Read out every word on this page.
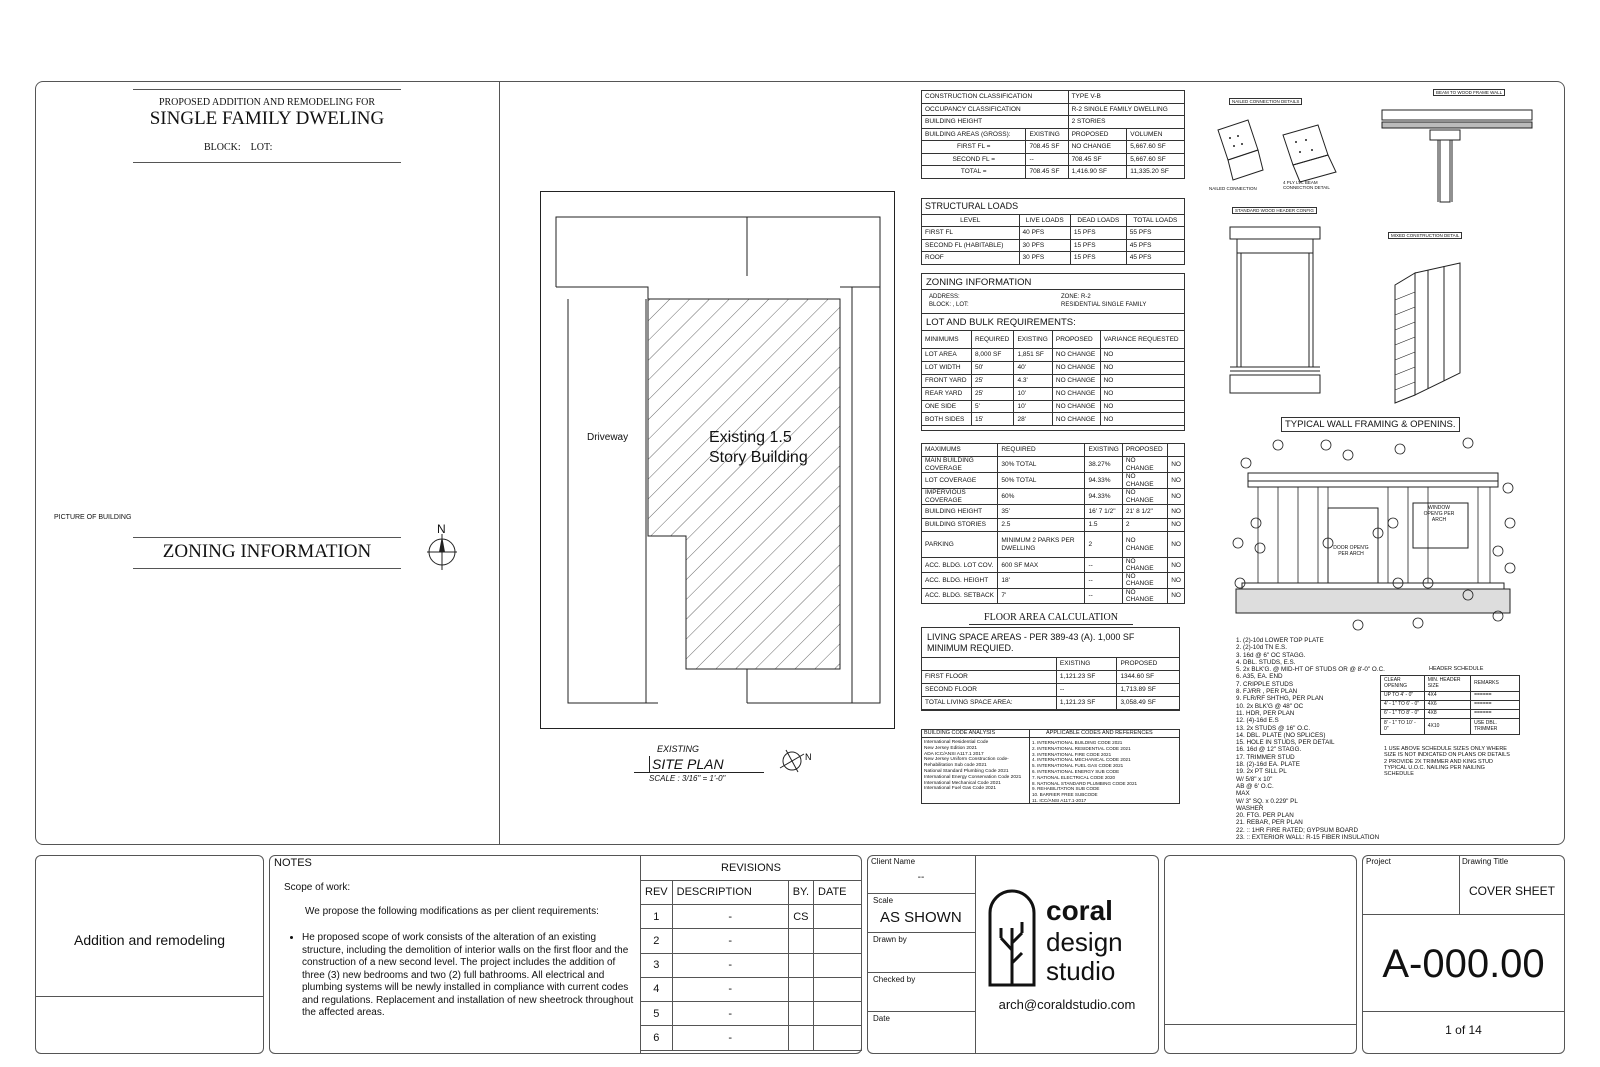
PROPOSED ADDITION AND REMODELING FOR
SINGLE FAMILY DWELING
BLOCK:    LOT:
PICTURE OF BUILDING
ZONING INFORMATION
N
Driveway	Existing 1.5
Story Building
EXISTING
SITE PLAN
SCALE : 3/16" = 1'-0"
N
CONSTRUCTION CLASSIFICATION		TYPE V-B	
OCCUPANCY CLASSIFICATION		R-2 SINGLE FAMILY DWELLING	
BUILDING HEIGHT		2 STORIES	
BUILDING AREAS (GROSS):	EXISTING	PROPOSED	VOLUMEN
FIRST FL =	708.45 SF	NO CHANGE	5,667.60 SF
SECOND FL =	--	708.45 SF	5,667.60 SF
TOTAL =	708.45 SF	1,416.90 SF	11,335.20 SF
STRUCTURAL LOADS			
LEVEL	LIVE LOADS	DEAD LOADS	TOTAL LOADS
FIRST FL	40 PFS	15 PFS	55 PFS
SECOND FL (HABITABLE)	30 PFS	15 PFS	45 PFS
ROOF	30 PFS	15 PFS	45 PFS
ZONING INFORMATION
ADDRESS:	ZONE: R-2
BLOCK: , LOT:	RESIDENTIAL SINGLE FAMILY
LOT AND BULK REQUIREMENTS:
MINIMUMS	REQUIRED	EXISTING	PROPOSED	VARIANCE REQUESTED
LOT AREA	8,000 SF	1,851 SF	NO CHANGE	NO
LOT WIDTH	50'	40'	NO CHANGE	NO
FRONT YARD	25'	4.3'	NO CHANGE	NO
REAR YARD	25'	10'	NO CHANGE	NO
ONE SIDE	5'	10'	NO CHANGE	NO
BOTH SIDES	15'	28'	NO CHANGE	NO
MAXIMUMS	REQUIRED	EXISTING	PROPOSED	
MAIN BUILDING COVERAGE	30% TOTAL	38.27%	NO CHANGE	NO
LOT COVERAGE	50% TOTAL	94.33%	NO CHANGE	NO
IMPERVIOUS COVERAGE	60%	94.33%	NO CHANGE	NO
BUILDING HEIGHT	35'	16' 7 1/2"	21' 8 1/2"	NO
BUILDING STORIES	2.5	1.5	2	NO
PARKING	MINIMUM 2 PARKS PER DWELLING	2	NO CHANGE	NO
ACC. BLDG. LOT COV.	600 SF MAX	--	NO CHANGE	NO
ACC. BLDG. HEIGHT	18'	--	NO CHANGE	NO
ACC. BLDG. SETBACK	7'	--	NO CHANGE	NO
FLOOR AREA CALCULATION
LIVING SPACE AREAS - PER 389-43 (A). 1,000 SF MINIMUM REQUIED.
	EXISTING	PROPOSED
FIRST FLOOR	1,121.23 SF	1344.60 SF
SECOND FLOOR	--	1,713.89 SF
TOTAL LIVING SPACE AREA:	1,121.23 SF	3,058.49 SF
BUILDING CODE ANALYSIS	APPLICABLE CODES AND REFERENCES
International Residential Code
New Jersey Edition 2021
ADA ICC/ANSI A117.1 2017
New Jersey Uniform Construction code-
Rehabilitation Sub code 2021
National Standard Plumbing Code 2021
International Energy Conservation Code 2021
International Mechanical Code 2021
International Fuel Gas Code 2021
1. INTERNATIONAL BUILDING CODE 2021
2. INTERNATIONAL RESIDENTIAL CODE 2021
3. INTERNATIONAL FIRE CODE 2021
4. INTERNATIONAL MECHANICAL CODE 2021
5. INTERNATIONAL FUEL GAS CODE 2021
6. INTERNATIONAL ENERGY SUB CODE
7. NATIONAL ELECTRICAL CODE 2020
8. NATIONAL STANDARD PLUMBING CODE 2021
9. REHABILITATION SUB CODE
10. BARRIER FREE SUBCODE
11. ICC/ANSI A117.1-2017
NAILED CONNECTION DETAILS
NAILED CONNECTION
4 PLY LVL BEAM CONNECTION DETAIL
BEAM TO WOOD FRAME WALL
STANDARD WOOD HEADER CONFIG
MIXED CONSTRUCTION DETAIL
TYPICAL WALL FRAMING & OPENINS.
WINDOW OPEN'G PER ARCH
DOOR OPEN'G PER ARCH
1. (2)-10d LOWER TOP PLATE
2. (2)-10d TN E.S.
3. 16d @ 6" OC STAGG.
4. DBL. STUDS, E.S.
5. 2x BLK'G. @ MID-HT OF STUDS OR @ 8'-0" O.C.
6. A35, EA. END
7. CRIPPLE STUDS
8. FJ/RR , PER PLAN
9. FLR/RF SHTHG, PER PLAN
10. 2x BLK'G @ 48" OC
11. HDR, PER PLAN
12. (4)-16d E.S
13. 2x STUDS @ 16" O.C.
14. DBL. PLATE (NO SPLICES)
15. HOLE IN STUDS, PER DETAIL
16. 16d @ 12" STAGG.
17. TRIMMER STUD
18. (2)-16d EA. PLATE
19. 2x PT SILL PL
W/ 5/8" x 10"
AB @ 6' O.C.
MAX
W/ 3" SQ. x 0.229" PL
WASHER
20. FTG. PER PLAN
21. REBAR, PER PLAN
22. :: 1HR FIRE RATED; GYPSUM BOARD
23. :: EXTERIOR WALL: R-15 FIBER INSULATION
HEADER SCHEDULE
CLEAR OPENING	MIN. HEADER SIZE	REMARKS
UP TO 4' - 0"	4X4	======
4' - 1" TO 6' - 0"	4X6	======
6' - 1" TO 8' - 0"	4X8	======
8' - 1" TO 10' - 0"	4X10	USE DBL. TRIMMER
1 USE ABOVE SCHEDULE SIZES ONLY WHERE SIZE IS NOT INDICATED ON PLANS OR DETAILS
2 PROVIDE 2X TRIMMER AND KING STUD TYPICAL U.O.C. NAILING PER NAILING SCHEDULE
Addition and remodeling
NOTES
Scope of work:
We propose the following modifications as per client requirements:
• He proposed scope of work consists of the alteration of an existing structure, including the demolition of interior walls on the first floor and the construction of a new second level. The project includes the addition of three (3) new bedrooms and two (2) full bathrooms. All electrical and plumbing systems will be newly installed in compliance with current codes and regulations. Replacement and installation of new sheetrock throughout the affected areas.
REVISIONS
REV	DESCRIPTION	BY.	DATE
1	-	CS	
2	-		
3	-		
4	-		
5	-		
6	-		
Client Name
--
Scale
AS SHOWN
Drawn by
Checked by
Date
coral
design
studio
arch@coraldstudio.com
Project	Drawing Title
COVER SHEET
A-000.00
1 of 14
